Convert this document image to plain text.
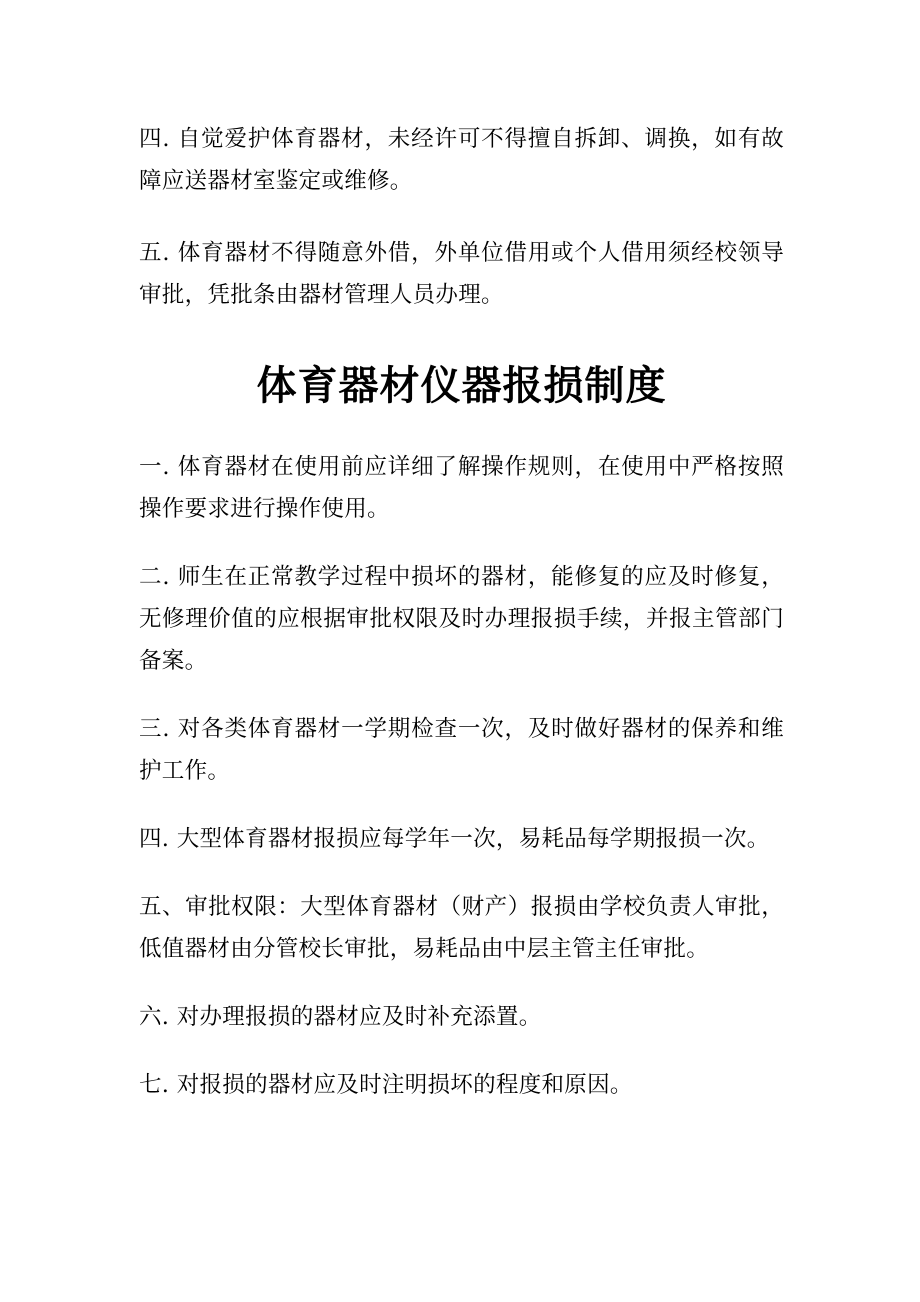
四. 自觉爱护体育器材，未经许可不得擅自拆卸、调换，如有故障应送器材室鉴定或维修。

五. 体育器材不得随意外借，外单位借用或个人借用须经校领导审批，凭批条由器材管理人员办理。

体育器材仪器报损制度

一. 体育器材在使用前应详细了解操作规则，在使用中严格按照操作要求进行操作使用。

二. 师生在正常教学过程中损坏的器材，能修复的应及时修复，无修理价值的应根据审批权限及时办理报损手续，并报主管部门备案。

三. 对各类体育器材一学期检查一次，及时做好器材的保养和维护工作。

四. 大型体育器材报损应每学年一次，易耗品每学期报损一次。

五、审批权限：大型体育器材（财产）报损由学校负责人审批，低值器材由分管校长审批，易耗品由中层主管主任审批。

六. 对办理报损的器材应及时补充添置。

七. 对报损的器材应及时注明损坏的程度和原因。
